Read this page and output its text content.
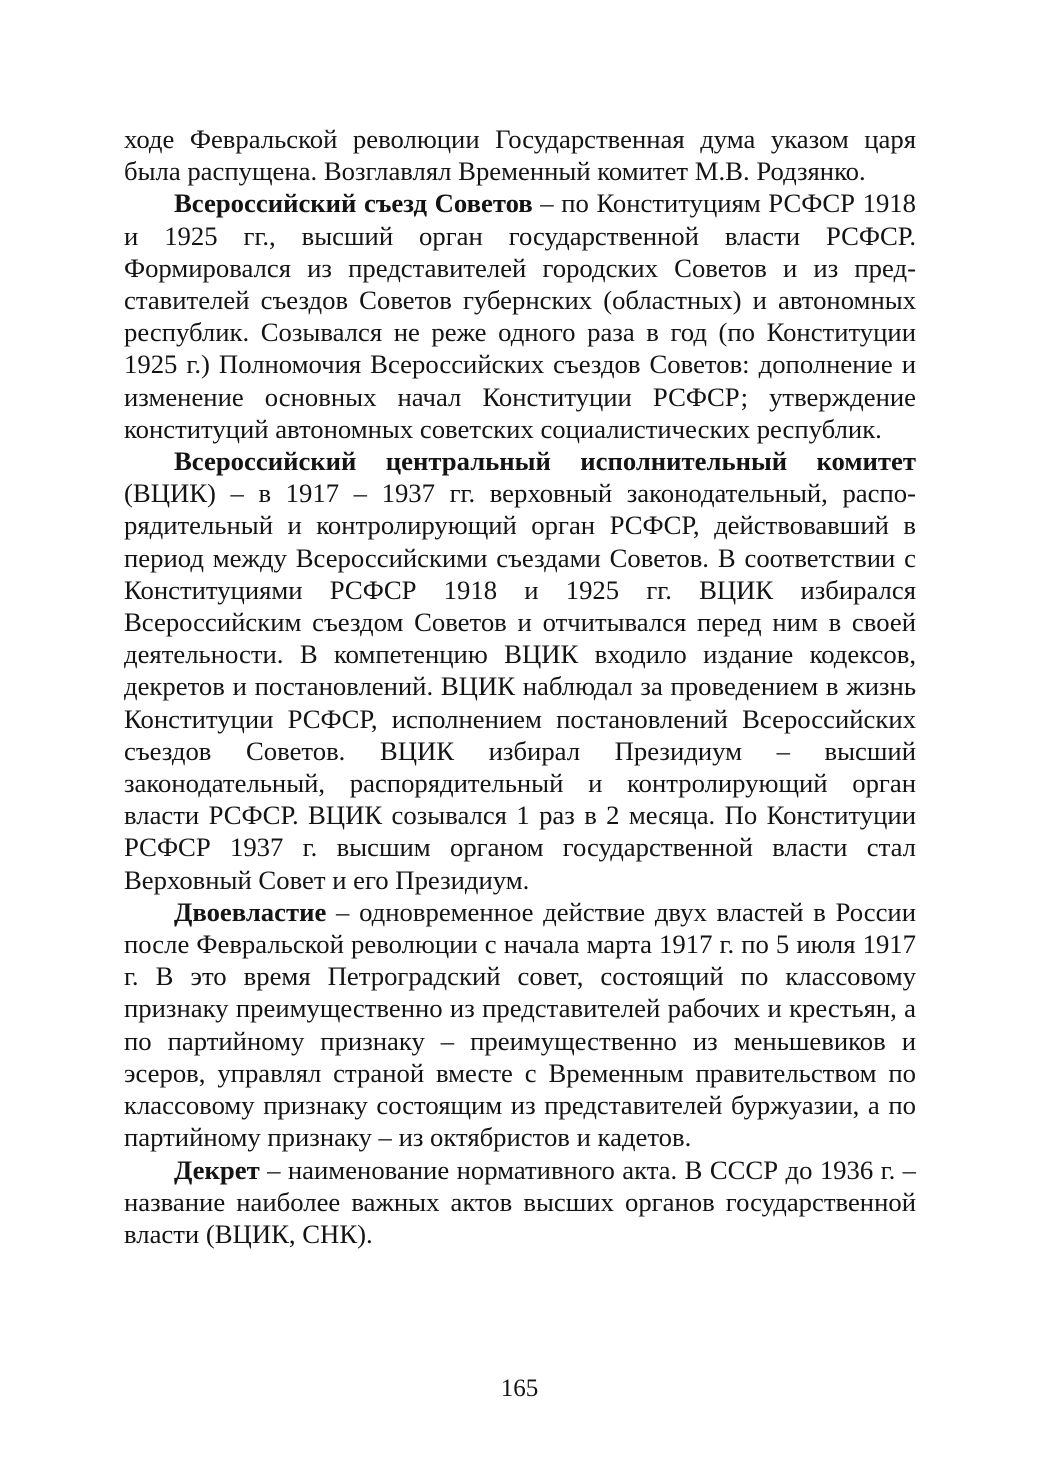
ходе Февральской революции Государственная дума указом царя была распущена. Возглавлял Временный комитет М.В. Родзянко.

Всероссийский съезд Советов – по Конституциям РСФСР 1918 и 1925 гг., высший орган государственной власти РСФСР. Формировался из представителей городских Советов и из представителей съездов Советов губернских (областных) и автономных республик. Созывался не реже одного раза в год (по Конституции 1925 г.) Полномочия Всероссийских съездов Советов: дополнение и изменение основных начал Конституции РСФСР; утверждение конституций автономных советских социалистических республик.

Всероссийский центральный исполнительный комитет (ВЦИК) – в 1917 – 1937 гг. верховный законодательный, распорядительный и контролирующий орган РСФСР, действовавший в период между Всероссийскими съездами Советов. В соответствии с Конституциями РСФСР 1918 и 1925 гг. ВЦИК избирался Всероссийским съездом Советов и отчитывался перед ним в своей деятельности. В компетенцию ВЦИК входило издание кодексов, декретов и постановлений. ВЦИК наблюдал за проведением в жизнь Конституции РСФСР, исполнением постановлений Всероссийских съездов Советов. ВЦИК избирал Президиум – высший законодательный, распорядительный и контролирующий орган власти РСФСР. ВЦИК созывался 1 раз в 2 месяца. По Конституции РСФСР 1937 г. высшим органом государственной власти стал Верховный Совет и его Президиум.

Двоевластие – одновременное действие двух властей в России после Февральской революции с начала марта 1917 г. по 5 июля 1917 г. В это время Петроградский совет, состоящий по классовому признаку преимущественно из представителей рабочих и крестьян, а по партийному признаку – преимущественно из меньшевиков и эсеров, управлял страной вместе с Временным правительством по классовому признаку состоящим из представителей буржуазии, а по партийному признаку – из октябристов и кадетов.

Декрет – наименование нормативного акта. В СССР до 1936 г. – название наиболее важных актов высших органов государственной власти (ВЦИК, СНК).

165
